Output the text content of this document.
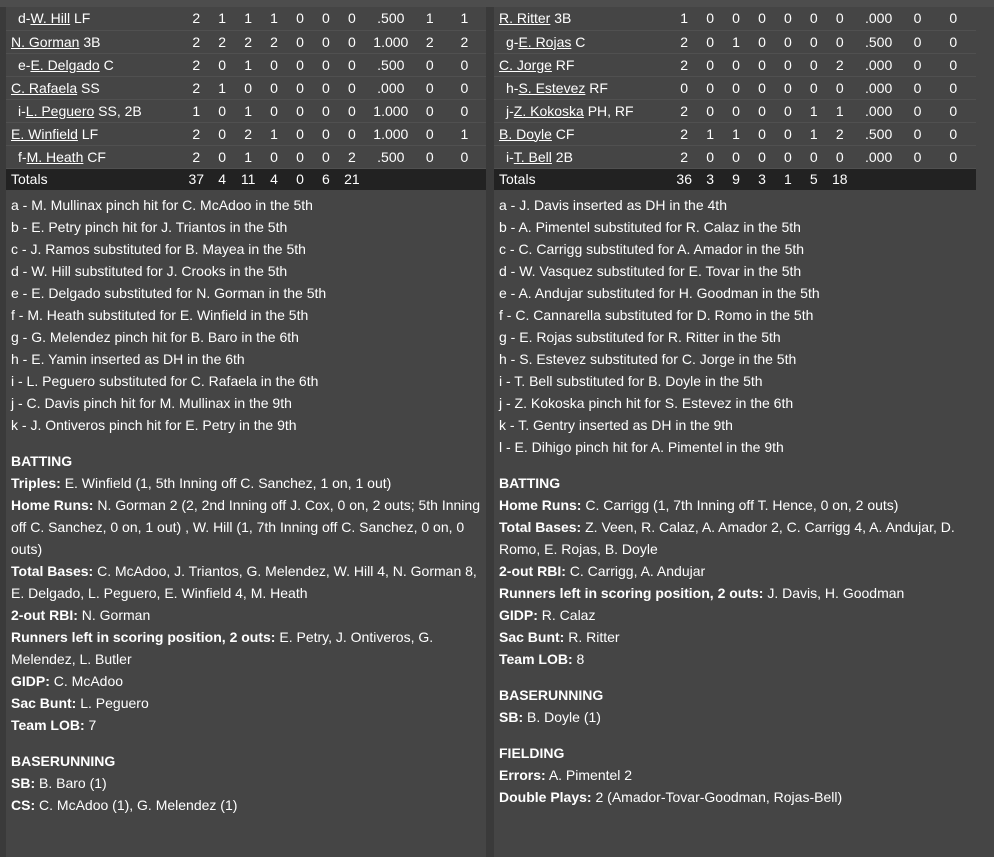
d-W. Hill LF	2	1	1	1	0	0	0	.500	1	1
N. Gorman 3B	2	2	2	2	0	0	0	1.000	2	2
e-E. Delgado C	2	0	1	0	0	0	0	.500	0	0
C. Rafaela SS	2	1	0	0	0	0	0	.000	0	0
i-L. Peguero SS, 2B	1	0	1	0	0	0	0	1.000	0	0
E. Winfield LF	2	0	2	1	0	0	0	1.000	0	1
f-M. Heath CF	2	0	1	0	0	0	2	.500	0	0
Totals	37	4	11	4	0	6	21			
a - M. Mullinax pinch hit for C. McAdoo in the 5th
b - E. Petry pinch hit for J. Triantos in the 5th
c - J. Ramos substituted for B. Mayea in the 5th
d - W. Hill substituted for J. Crooks in the 5th
e - E. Delgado substituted for N. Gorman in the 5th
f - M. Heath substituted for E. Winfield in the 5th
g - G. Melendez pinch hit for B. Baro in the 6th
h - E. Yamin inserted as DH in the 6th
i - L. Peguero substituted for C. Rafaela in the 6th
j - C. Davis pinch hit for M. Mullinax in the 9th
k - J. Ontiveros pinch hit for E. Petry in the 9th
BATTING
Triples: E. Winfield (1, 5th Inning off C. Sanchez, 1 on, 1 out)
Home Runs: N. Gorman 2 (2, 2nd Inning off J. Cox, 0 on, 2 outs; 5th Inning off C. Sanchez, 0 on, 1 out) , W. Hill (1, 7th Inning off C. Sanchez, 0 on, 0 outs)
Total Bases: C. McAdoo, J. Triantos, G. Melendez, W. Hill 4, N. Gorman 8, E. Delgado, L. Peguero, E. Winfield 4, M. Heath
2-out RBI: N. Gorman
Runners left in scoring position, 2 outs: E. Petry, J. Ontiveros, G. Melendez, L. Butler
GIDP: C. McAdoo
Sac Bunt: L. Peguero
Team LOB: 7
BASERUNNING
SB: B. Baro (1)
CS: C. McAdoo (1), G. Melendez (1)
R. Ritter 3B	1	0	0	0	0	0	0	.000	0	0
g-E. Rojas C	2	0	1	0	0	0	0	.500	0	0
C. Jorge RF	2	0	0	0	0	0	2	.000	0	0
h-S. Estevez RF	0	0	0	0	0	0	0	.000	0	0
j-Z. Kokoska PH, RF	2	0	0	0	0	1	1	.000	0	0
B. Doyle CF	2	1	1	0	0	1	2	.500	0	0
i-T. Bell 2B	2	0	0	0	0	0	0	.000	0	0
Totals	36	3	9	3	1	5	18			
a - J. Davis inserted as DH in the 4th
b - A. Pimentel substituted for R. Calaz in the 5th
c - C. Carrigg substituted for A. Amador in the 5th
d - W. Vasquez substituted for E. Tovar in the 5th
e - A. Andujar substituted for H. Goodman in the 5th
f - C. Cannarella substituted for D. Romo in the 5th
g - E. Rojas substituted for R. Ritter in the 5th
h - S. Estevez substituted for C. Jorge in the 5th
i - T. Bell substituted for B. Doyle in the 5th
j - Z. Kokoska pinch hit for S. Estevez in the 6th
k - T. Gentry inserted as DH in the 9th
l - E. Dihigo pinch hit for A. Pimentel in the 9th
BATTING
Home Runs: C. Carrigg (1, 7th Inning off T. Hence, 0 on, 2 outs)
Total Bases: Z. Veen, R. Calaz, A. Amador 2, C. Carrigg 4, A. Andujar, D. Romo, E. Rojas, B. Doyle
2-out RBI: C. Carrigg, A. Andujar
Runners left in scoring position, 2 outs: J. Davis, H. Goodman
GIDP: R. Calaz
Sac Bunt: R. Ritter
Team LOB: 8
BASERUNNING
SB: B. Doyle (1)
FIELDING
Errors: A. Pimentel 2
Double Plays: 2 (Amador-Tovar-Goodman, Rojas-Bell)
